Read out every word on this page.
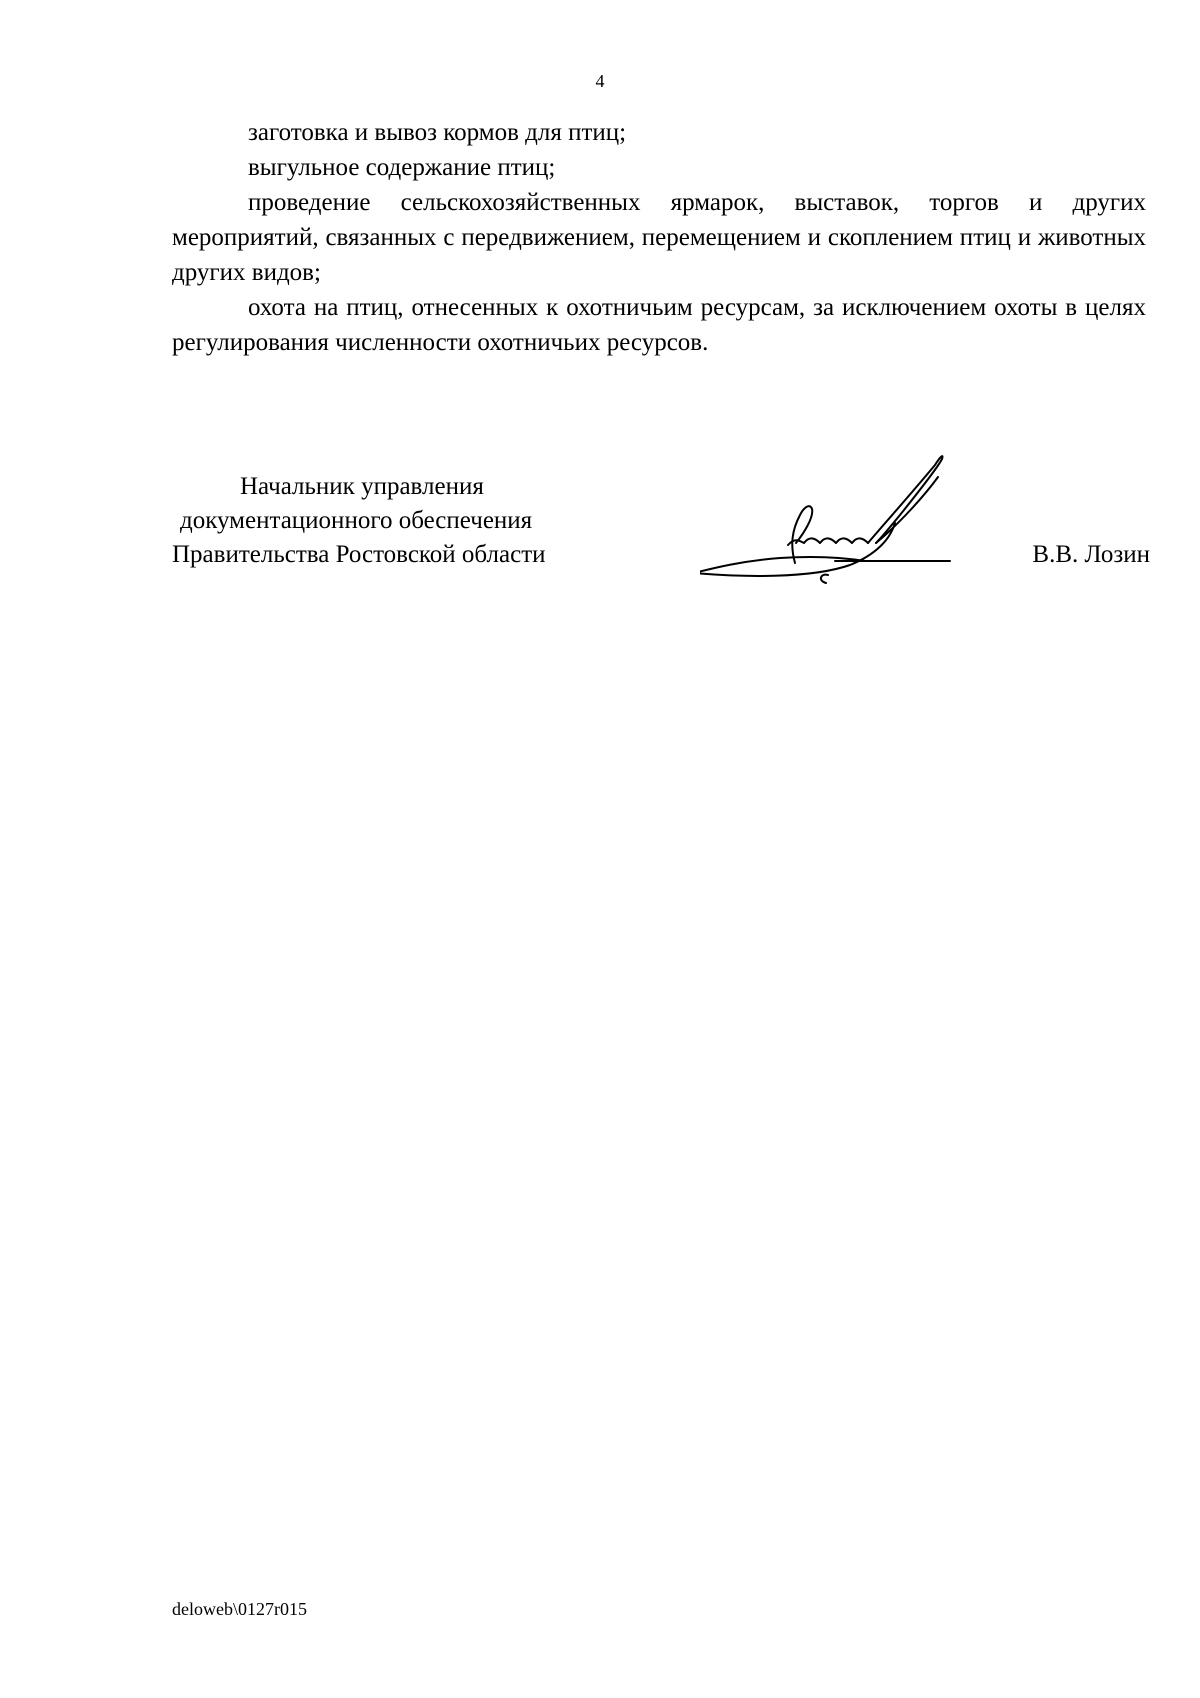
4

заготовка и вывоз кормов для птиц;

выгульное содержание птиц;

проведение сельскохозяйственных ярмарок, выставок, торгов и других мероприятий, связанных с передвижением, перемещением и скоплением птиц и животных других видов;

охота на птиц, отнесенных к охотничьим ресурсам, за исключением охоты в целях регулирования численности охотничьих ресурсов.

Начальник управления
документационного обеспечения
Правительства Ростовской области	В.В. Лозин
deloweb\0127r015
